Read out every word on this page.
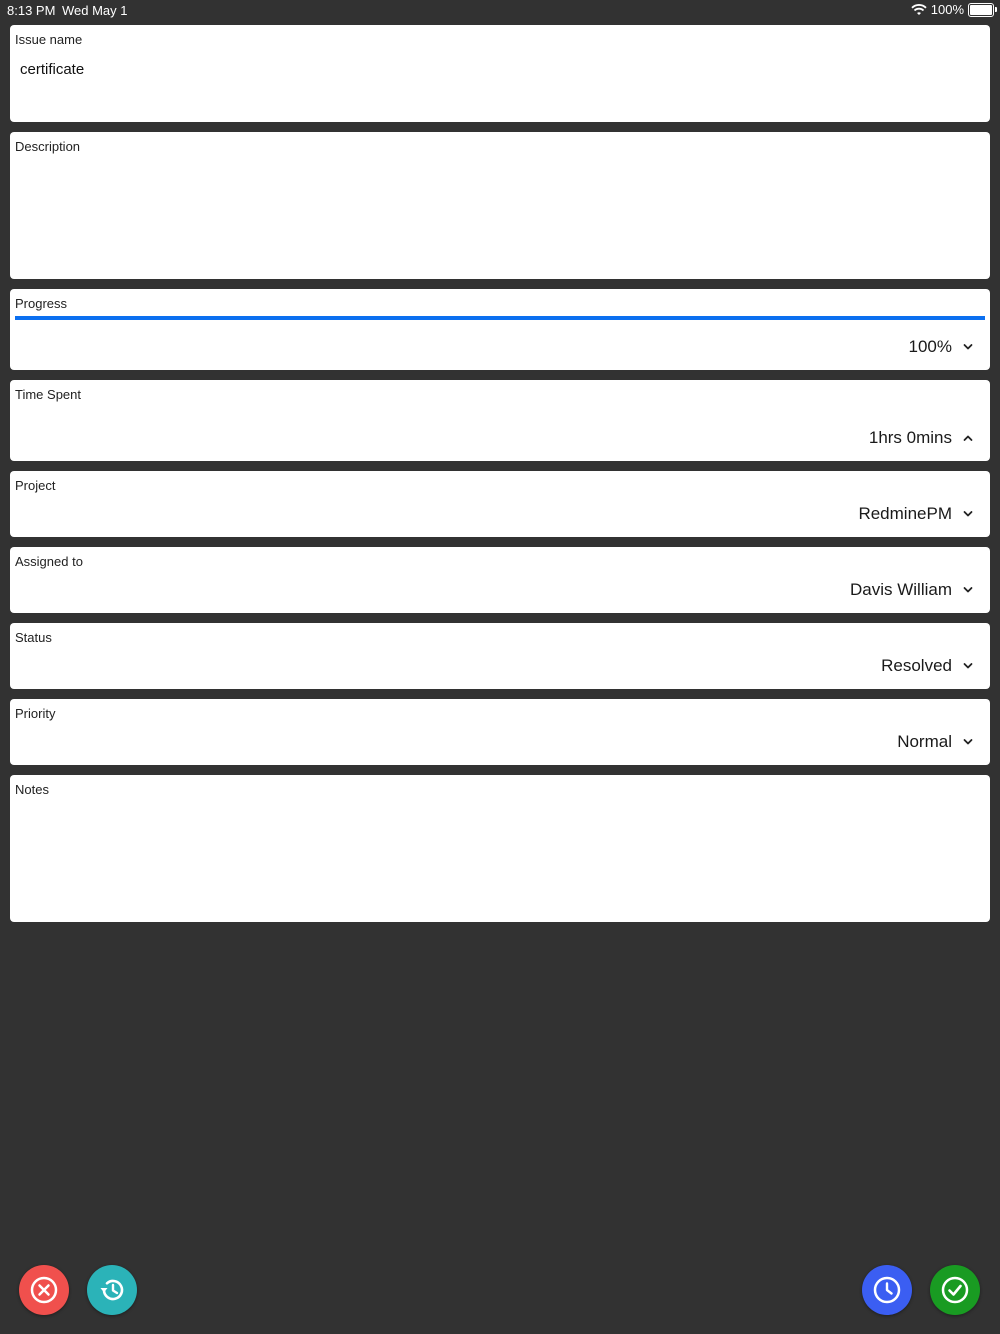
8:13 PM Wed May 1	100%
Issue name
certificate
Description
Progress
100%
Time Spent
1hrs 0mins
Project
RedminePM
Assigned to
Davis William
Status
Resolved
Priority
Normal
Notes
